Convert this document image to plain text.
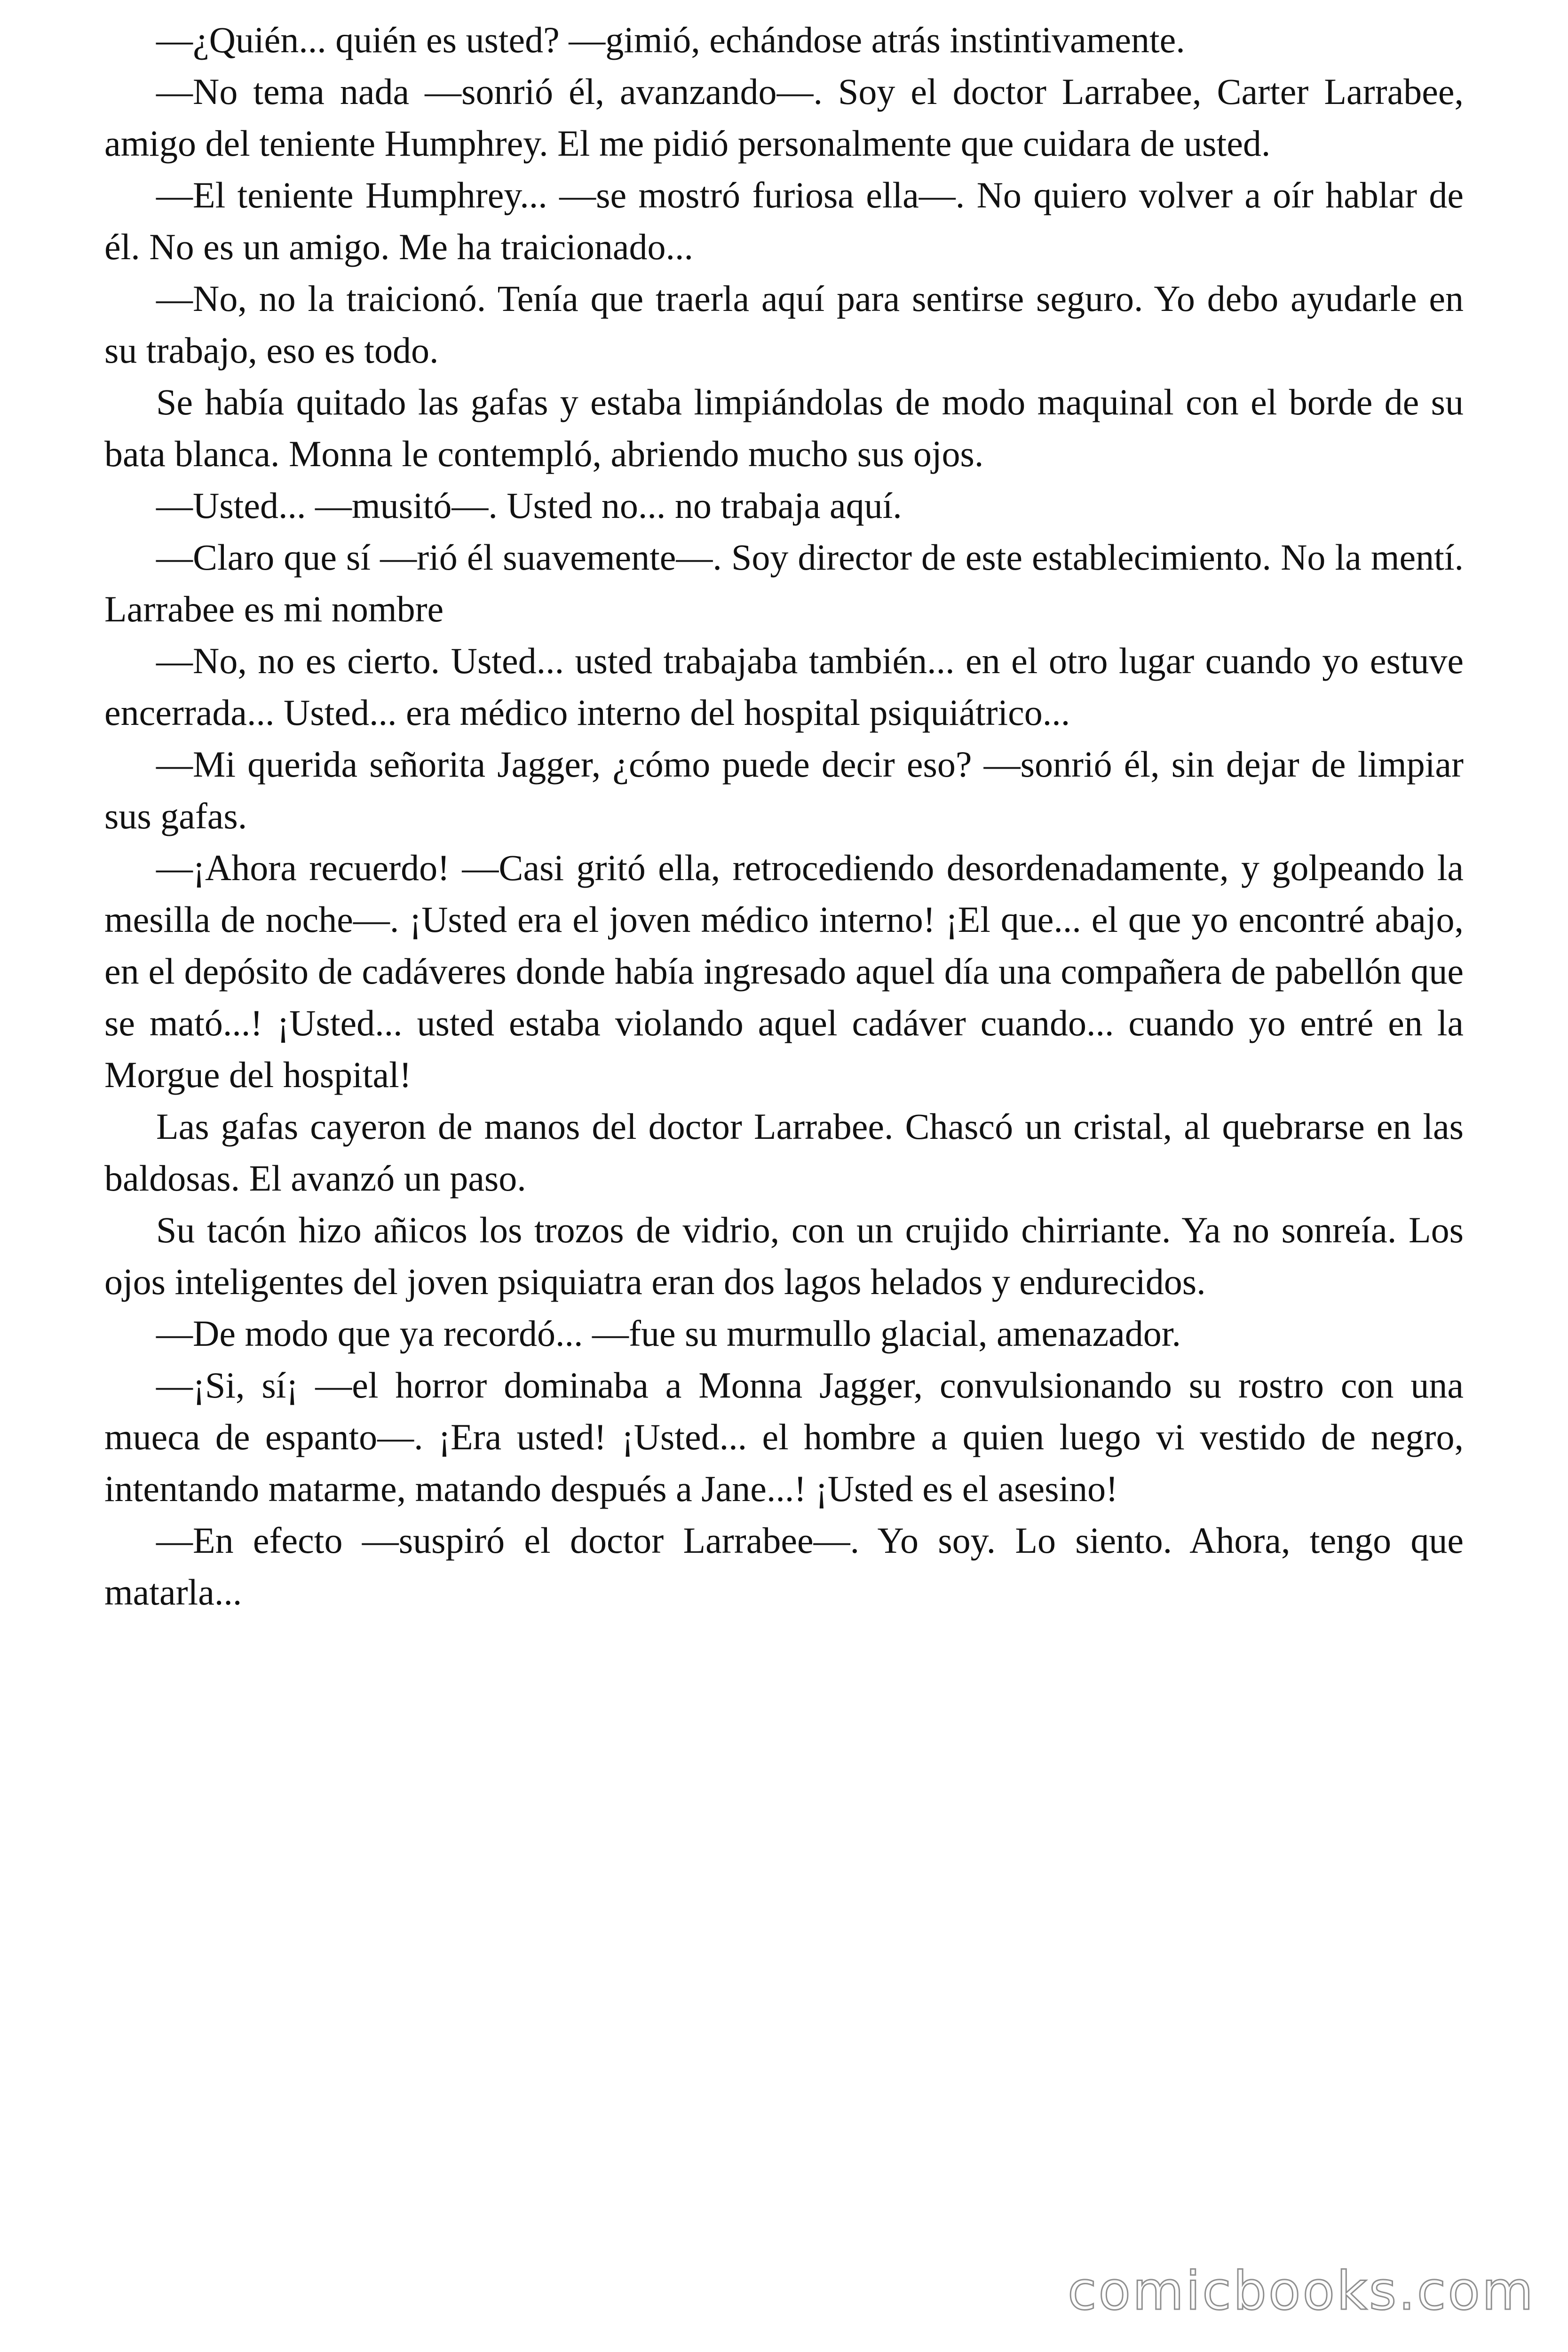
—¿Quién... quién es usted? —gimió, echándose atrás instintivamente.

—No tema nada —sonrió él, avanzando—. Soy el doctor Larrabee, Carter Larrabee, amigo del teniente Humphrey. El me pidió personalmente que cuidara de usted.

—El teniente Humphrey... —se mostró furiosa ella—. No quiero volver a oír hablar de él. No es un amigo. Me ha traicionado...

—No, no la traicionó. Tenía que traerla aquí para sentirse seguro. Yo debo ayudarle en su trabajo, eso es todo.

Se había quitado las gafas y estaba limpiándolas de modo maquinal con el borde de su bata blanca. Monna le contempló, abriendo mucho sus ojos.

—Usted... —musitó—. Usted no... no trabaja aquí.

—Claro que sí —rió él suavemente—. Soy director de este establecimiento. No la mentí. Larrabee es mi nombre

—No, no es cierto. Usted... usted trabajaba también... en el otro lugar cuando yo estuve encerrada... Usted... era médico interno del hospital psiquiátrico...

—Mi querida señorita Jagger, ¿cómo puede decir eso? —sonrió él, sin dejar de limpiar sus gafas.

—¡Ahora recuerdo! —Casi gritó ella, retrocediendo desordenadamente, y golpeando la mesilla de noche—. ¡Usted era el joven médico interno! ¡El que... el que yo encontré abajo, en el depósito de cadáveres donde había ingresado aquel día una compañera de pabellón que se mató...! ¡Usted... usted estaba violando aquel cadáver cuando... cuando yo entré en la Morgue del hospital!

Las gafas cayeron de manos del doctor Larrabee. Chascó un cristal, al quebrarse en las baldosas. El avanzó un paso.

Su tacón hizo añicos los trozos de vidrio, con un crujido chirriante. Ya no sonreía. Los ojos inteligentes del joven psiquiatra eran dos lagos helados y endurecidos.

—De modo que ya recordó... —fue su murmullo glacial, amenazador.

—¡Si, sí¡ —el horror dominaba a Monna Jagger, convulsionando su rostro con una mueca de espanto—. ¡Era usted! ¡Usted... el hombre a quien luego vi vestido de negro, intentando matarme, matando después a Jane...! ¡Usted es el asesino!

—En efecto —suspiró el doctor Larrabee—. Yo soy. Lo siento. Ahora, tengo que matarla...

comicbooks.com
